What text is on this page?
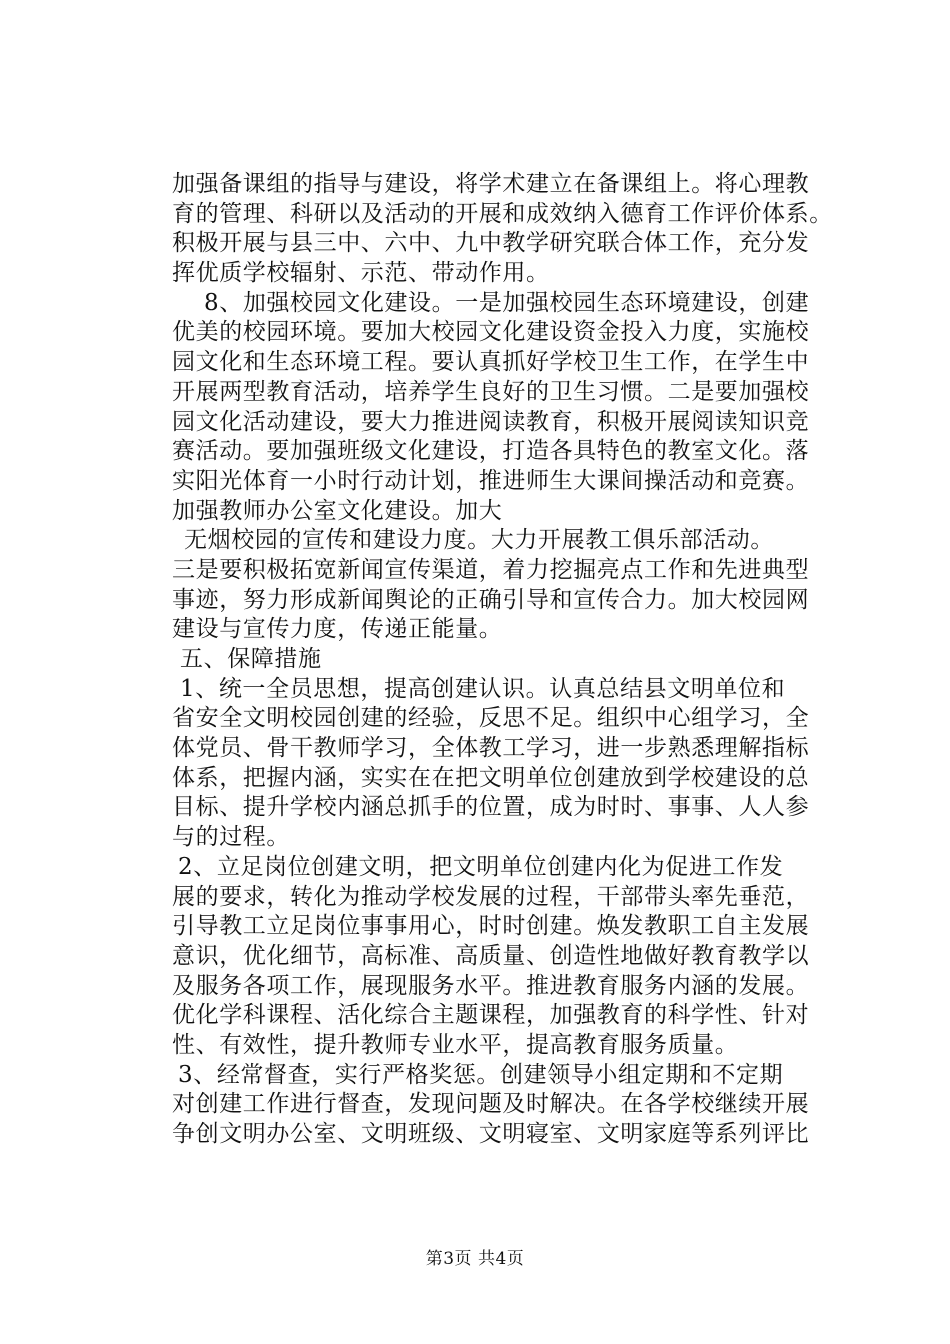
加强备课组的指导与建设，将学术建立在备课组上。将心理教
育的管理、科研以及活动的开展和成效纳入德育工作评价体系。
积极开展与县三中、六中、九中教学研究联合体工作，充分发
挥优质学校辐射、示范、带动作用。
8、加强校园文化建设。一是加强校园生态环境建设，创建
优美的校园环境。要加大校园文化建设资金投入力度，实施校
园文化和生态环境工程。要认真抓好学校卫生工作，在学生中
开展两型教育活动，培养学生良好的卫生习惯。二是要加强校
园文化活动建设，要大力推进阅读教育，积极开展阅读知识竞
赛活动。要加强班级文化建设，打造各具特色的教室文化。落
实阳光体育一小时行动计划，推进师生大课间操活动和竞赛。
加强教师办公室文化建设。加大
无烟校园的宣传和建设力度。大力开展教工俱乐部活动。
三是要积极拓宽新闻宣传渠道，着力挖掘亮点工作和先进典型
事迹，努力形成新闻舆论的正确引导和宣传合力。加大校园网
建设与宣传力度，传递正能量。
五、保障措施
1、统一全员思想，提高创建认识。认真总结县文明单位和
省安全文明校园创建的经验，反思不足。组织中心组学习，全
体党员、骨干教师学习，全体教工学习，进一步熟悉理解指标
体系，把握内涵，实实在在把文明单位创建放到学校建设的总
目标、提升学校内涵总抓手的位置，成为时时、事事、人人参
与的过程。
2、立足岗位创建文明，把文明单位创建内化为促进工作发
展的要求，转化为推动学校发展的过程，干部带头率先垂范，
引导教工立足岗位事事用心，时时创建。焕发教职工自主发展
意识，优化细节，高标准、高质量、创造性地做好教育教学以
及服务各项工作，展现服务水平。推进教育服务内涵的发展。
优化学科课程、活化综合主题课程，加强教育的科学性、针对
性、有效性，提升教师专业水平，提高教育服务质量。
3、经常督查，实行严格奖惩。创建领导小组定期和不定期
对创建工作进行督查，发现问题及时解决。在各学校继续开展
争创文明办公室、文明班级、文明寝室、文明家庭等系列评比
第3页 共4页
